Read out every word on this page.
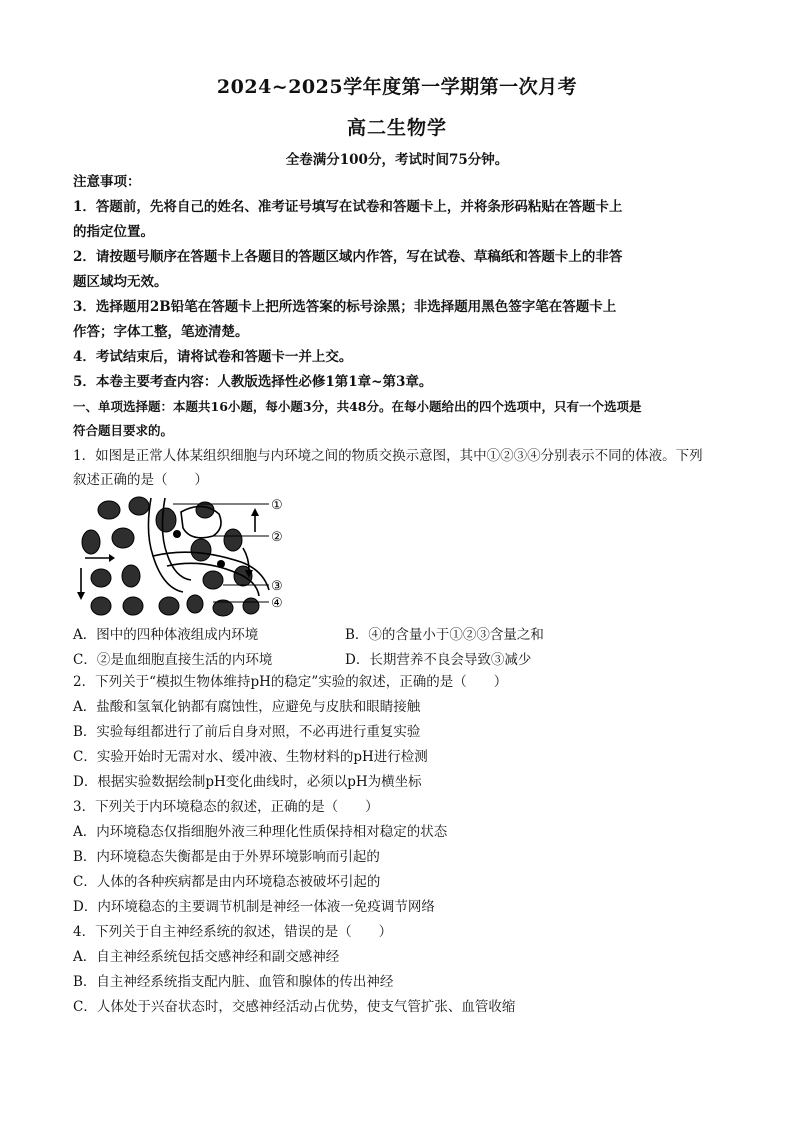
2024~2025学年度第一学期第一次月考
高二生物学
全卷满分100分，考试时间75分钟。
注意事项：
1．答题前，先将自己的姓名、准考证号填写在试卷和答题卡上，并将条形码粘贴在答题卡上
的指定位置。
2．请按题号顺序在答题卡上各题目的答题区域内作答，写在试卷、草稿纸和答题卡上的非答
题区域均无效。
3．选择题用2B铅笔在答题卡上把所选答案的标号涂黑；非选择题用黑色签字笔在答题卡上
作答；字体工整，笔迹清楚。
4．考试结束后，请将试卷和答题卡一并上交。
5．本卷主要考查内容：人教版选择性必修1第1章~第3章。
一、单项选择题：本题共16小题，每小题3分，共48分。在每小题给出的四个选项中，只有一个选项是
符合题目要求的。
1．如图是正常人体某组织细胞与内环境之间的物质交换示意图，其中①②③④分别表示不同的体液。下列
叙述正确的是（　　）
①
②
③
④
A．图中的四种体液组成内环境	B．④的含量小于①②③含量之和
C．②是血细胞直接生活的内环境	D．长期营养不良会导致③减少
2．下列关于“模拟生物体维持pH的稳定”实验的叙述，正确的是（　　）
A．盐酸和氢氧化钠都有腐蚀性，应避免与皮肤和眼睛接触
B．实验每组都进行了前后自身对照，不必再进行重复实验
C．实验开始时无需对水、缓冲液、生物材料的pH进行检测
D．根据实验数据绘制pH变化曲线时，必须以pH为横坐标
3．下列关于内环境稳态的叙述，正确的是（　　）
A．内环境稳态仅指细胞外液三种理化性质保持相对稳定的状态
B．内环境稳态失衡都是由于外界环境影响而引起的
C．人体的各种疾病都是由内环境稳态被破坏引起的
D．内环境稳态的主要调节机制是神经一体液一免疫调节网络
4．下列关于自主神经系统的叙述，错误的是（　　）
A．自主神经系统包括交感神经和副交感神经
B．自主神经系统指支配内脏、血管和腺体的传出神经
C．人体处于兴奋状态时，交感神经活动占优势，使支气管扩张、血管收缩
